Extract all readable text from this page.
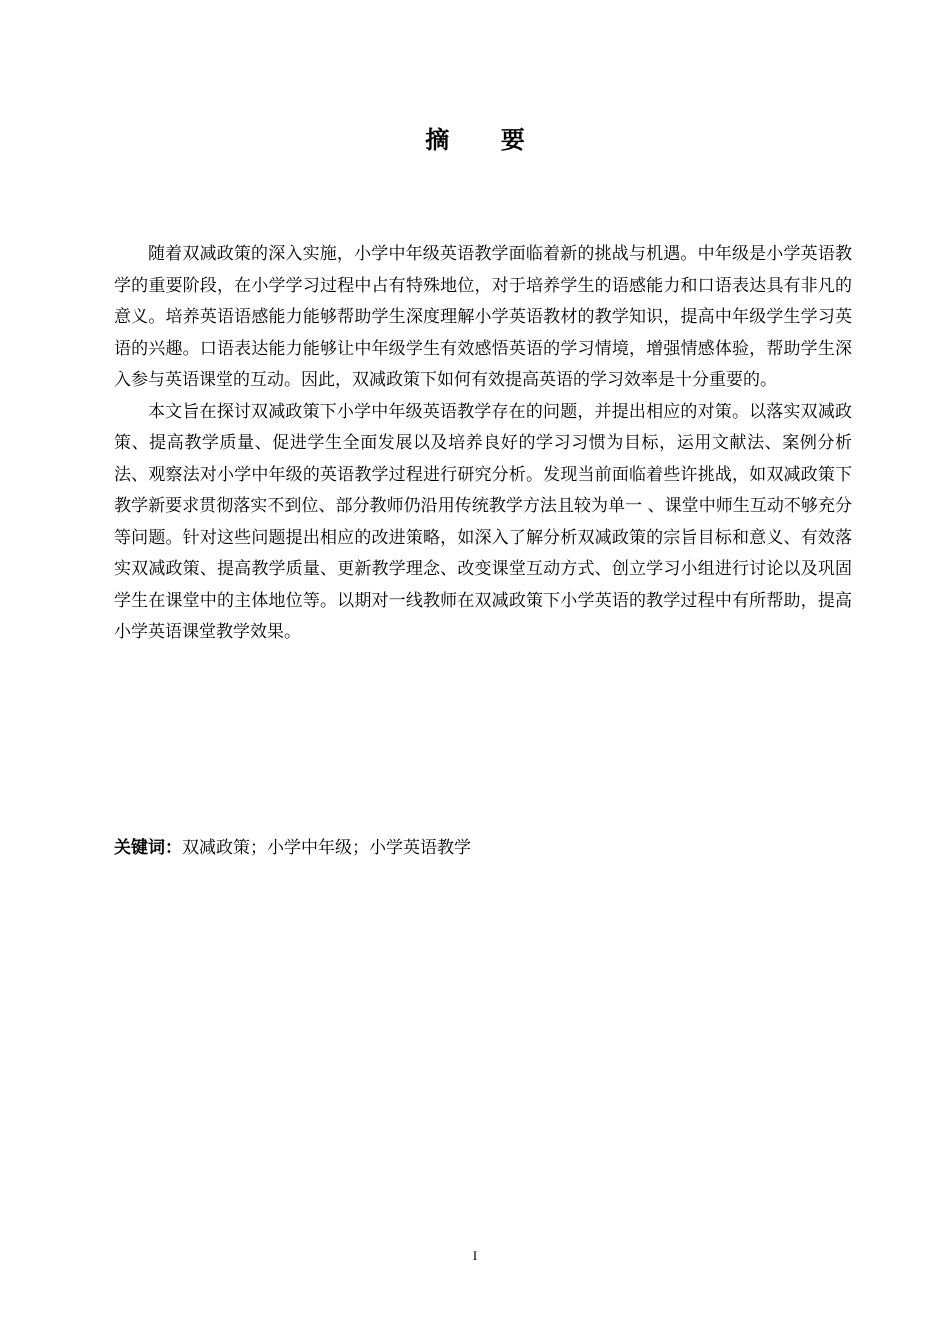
摘 要

随着双减政策的深入实施，小学中年级英语教学面临着新的挑战与机遇。中年级是小学英语教学的重要阶段，在小学学习过程中占有特殊地位，对于培养学生的语感能力和口语表达具有非凡的意义。培养英语语感能力能够帮助学生深度理解小学英语教材的教学知识，提高中年级学生学习英语的兴趣。口语表达能力能够让中年级学生有效感悟英语的学习情境，增强情感体验，帮助学生深入参与英语课堂的互动。因此，双减政策下如何有效提高英语的学习效率是十分重要的。

本文旨在探讨双减政策下小学中年级英语教学存在的问题，并提出相应的对策。以落实双减政策、提高教学质量、促进学生全面发展以及培养良好的学习习惯为目标，运用文献法、案例分析法、观察法对小学中年级的英语教学过程进行研究分析。发现当前面临着些许挑战，如双减政策下教学新要求贯彻落实不到位、部分教师仍沿用传统教学方法且较为单一 、课堂中师生互动不够充分等问题。针对这些问题提出相应的改进策略，如深入了解分析双减政策的宗旨目标和意义、有效落实双减政策、提高教学质量、更新教学理念、改变课堂互动方式、创立学习小组进行讨论以及巩固学生在课堂中的主体地位等。以期对一线教师在双减政策下小学英语的教学过程中有所帮助，提高小学英语课堂教学效果。

关键词：双减政策；小学中年级；小学英语教学
I
